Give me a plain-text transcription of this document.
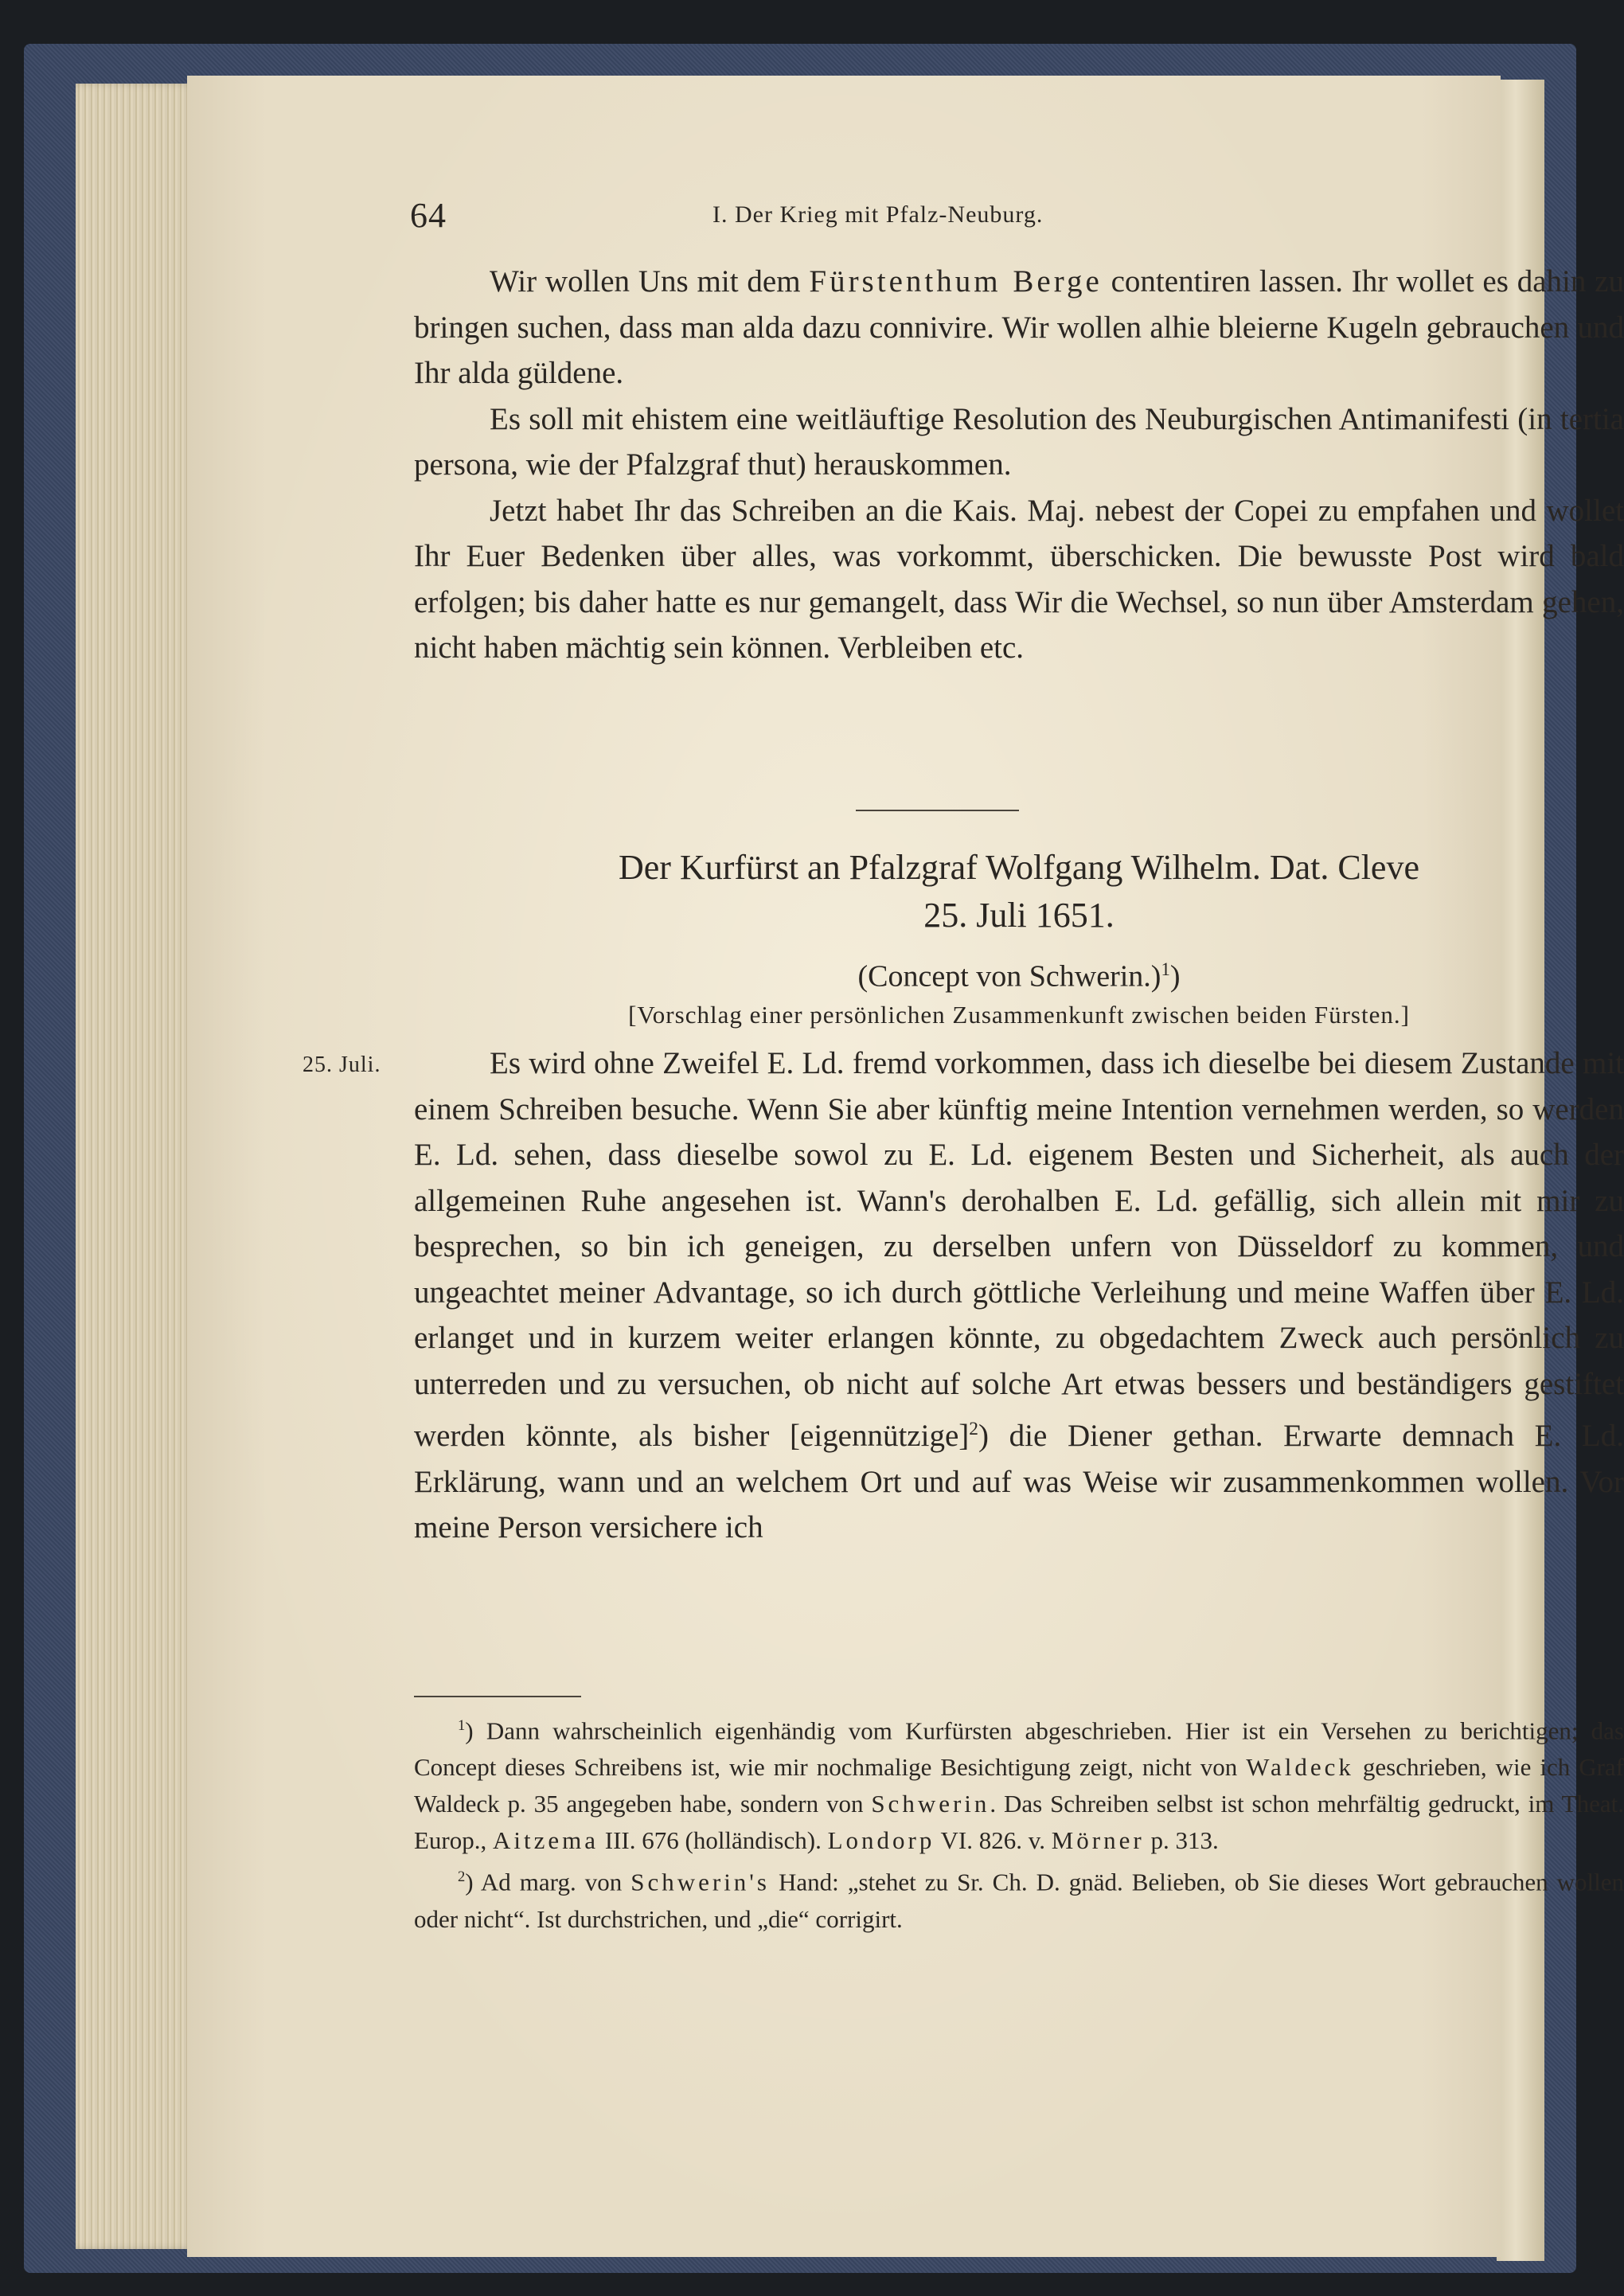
64	I. Der Krieg mit Pfalz-Neuburg.

Wir wollen Uns mit dem Fürstenthum Berge contentiren lassen. Ihr wollet es dahin zu bringen suchen, dass man alda dazu connivire. Wir wollen alhie bleierne Kugeln gebrauchen und Ihr alda güldene.

Es soll mit ehistem eine weitläuftige Resolution des Neuburgischen Antimanifesti (in tertia persona, wie der Pfalzgraf thut) herauskommen.

Jetzt habet Ihr das Schreiben an die Kais. Maj. nebest der Copei zu empfahen und wollet Ihr Euer Bedenken über alles, was vorkommt, überschicken. Die bewusste Post wird bald erfolgen; bis daher hatte es nur gemangelt, dass Wir die Wechsel, so nun über Amsterdam gehen, nicht haben mächtig sein können. Verbleiben etc.

Der Kurfürst an Pfalzgraf Wolfgang Wilhelm. Dat. Cleve
25. Juli 1651.
(Concept von Schwerin.)$^1$)
[Vorschlag einer persönlichen Zusammenkunft zwischen beiden Fürsten.]
25. Juli.	Es wird ohne Zweifel E. Ld. fremd vorkommen, dass ich dieselbe bei diesem Zustande mit einem Schreiben besuche. Wenn Sie aber künftig meine Intention vernehmen werden, so werden E. Ld. sehen, dass dieselbe sowol zu E. Ld. eigenem Besten und Sicherheit, als auch der allgemeinen Ruhe angesehen ist. Wann's derohalben E. Ld. gefällig, sich allein mit mir zu besprechen, so bin ich geneigen, zu derselben unfern von Düsseldorf zu kommen, und ungeachtet meiner Advantage, so ich durch göttliche Verleihung und meine Waffen über E. Ld. erlanget und in kurzem weiter erlangen könnte, zu obgedachtem Zweck auch persönlich zu unterreden und zu versuchen, ob nicht auf solche Art etwas bessers und beständigers gestiftet werden könnte, als bisher [eigennützige]$^2$) die Diener gethan. Erwarte demnach E. Ld. Erklärung, wann und an welchem Ort und auf was Weise wir zusammenkommen wollen. Vor meine Person versichere ich

$^1$) Dann wahrscheinlich eigenhändig vom Kurfürsten abgeschrieben. Hier ist ein Versehen zu berichtigen; das Concept dieses Schreibens ist, wie mir nochmalige Besichtigung zeigt, nicht von Waldeck geschrieben, wie ich Graf Waldeck p. 35 angegeben habe, sondern von Schwerin. Das Schreiben selbst ist schon mehrfältig gedruckt, im Theat. Europ., Aitzema III. 676 (holländisch). Londorp VI. 826. v. Mörner p. 313.

$^2$) Ad marg. von Schwerin's Hand: „stehet zu Sr. Ch. D. gnäd. Belieben, ob Sie dieses Wort gebrauchen wollen oder nicht“. Ist durchstrichen, und „die“ corrigirt.
